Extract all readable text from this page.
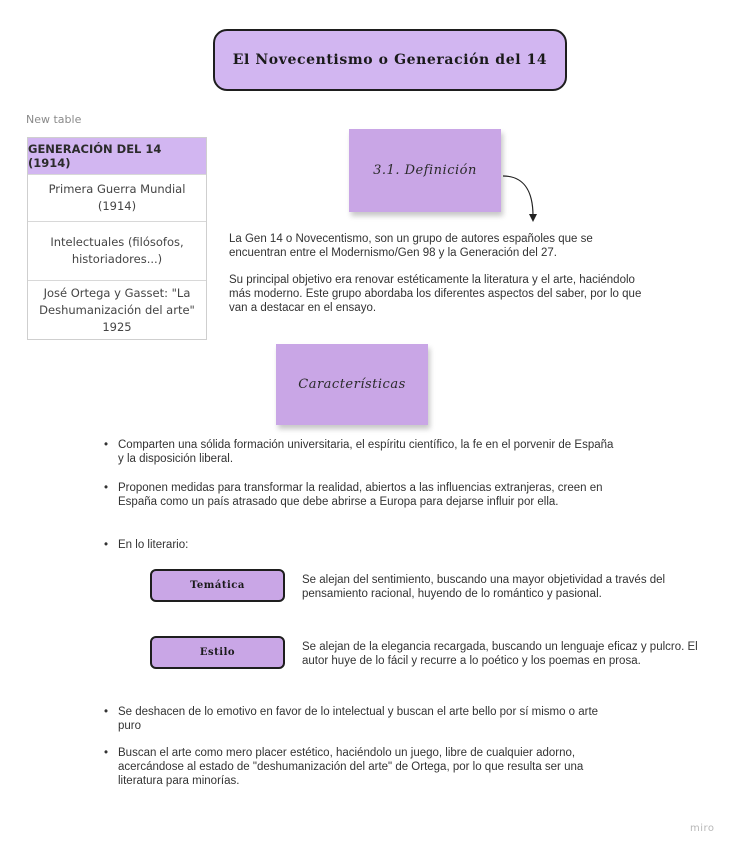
El Novecentismo o Generación del 14
New table
GENERACIÓN DEL 14 (1914)
Primera Guerra Mundial (1914)
Intelectuales (filósofos, historiadores...)
José Ortega y Gasset: "La Deshumanización del arte" 1925
3.1. Definición
La Gen 14 o Novecentismo, son un grupo de autores españoles que se encuentran entre el Modernismo/Gen 98 y la Generación del 27.
Su principal objetivo era renovar estéticamente la literatura y el arte, haciéndolo más moderno. Este grupo abordaba los diferentes aspectos del saber, por lo que van a destacar en el ensayo.
Características
• Comparten una sólida formación universitaria, el espíritu científico, la fe en el porvenir de España y la disposición liberal.
• Proponen medidas para transformar la realidad, abiertos a las influencias extranjeras, creen en España como un país atrasado que debe abrirse a Europa para dejarse influir por ella.
• En lo literario:
Temática	Se alejan del sentimiento, buscando una mayor objetividad a través del pensamiento racional, huyendo de lo romántico y pasional.
Estilo	Se alejan de la elegancia recargada, buscando un lenguaje eficaz y pulcro. El autor huye de lo fácil y recurre a lo poético y los poemas en prosa.
• Se deshacen de lo emotivo en favor de lo intelectual y buscan el arte bello por sí mismo o arte puro
• Buscan el arte como mero placer estético, haciéndolo un juego, libre de cualquier adorno, acercándose al estado de "deshumanización del arte" de Ortega, por lo que resulta ser una literatura para minorías.
miro
